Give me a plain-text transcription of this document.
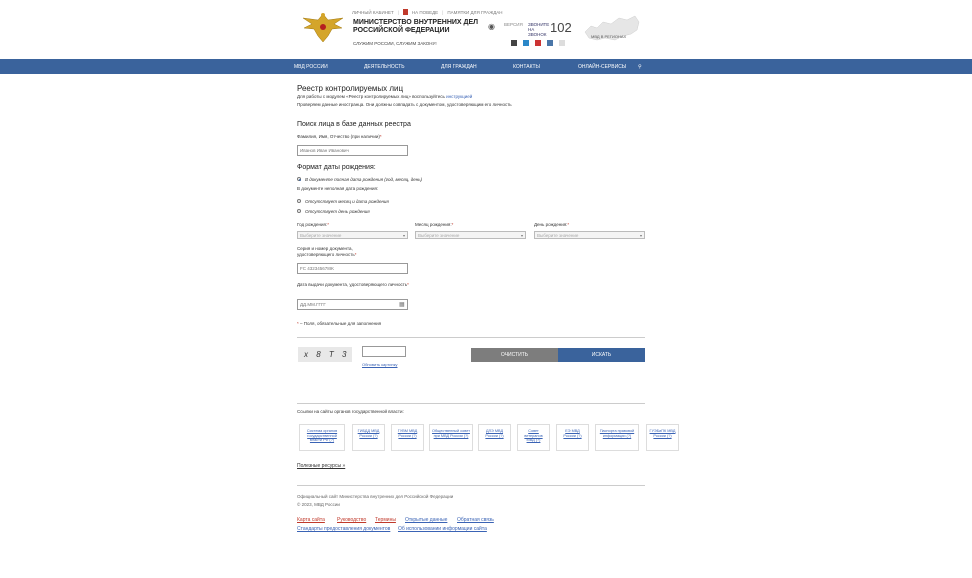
ЛИЧНЫЙ КАБИНЕТ |	НА ПОВЕДЕ | ПАМЯТКИ ДЛЯ ГРАЖДАН
МИНИСТЕРСТВО ВНУТРЕННИХ ДЕЛ РОССИЙСКОЙ ФЕДЕРАЦИИ
СЛУЖИМ РОССИИ, СЛУЖИМ ЗАКОНУ!
◉ ВЕРСИЯ ЗВОНИТЕ НА ЗВОНОК 102
МВД В РЕГИОНАХ
МВД РОССИИ	ДЕЯТЕЛЬНОСТЬ	ДЛЯ ГРАЖДАН	КОНТАКТЫ	ОНЛАЙН-СЕРВИСЫ ⚲
Реестр контролируемых лиц
Для работы с модулем «Реестр контролируемых лиц» воспользуйтесь инструкцией
Проверяем данные иностранца. Они должны совпадать с документом, удостоверяющим его личность
Поиск лица в базе данных реестра
Фамилия, Имя, Отчество (при наличии)*
Иванов Иван Иванович
Формат даты рождения:
В документе полная дата рождения (год, месяц, день)
В документе неполная дата рождения:
Отсутствует месяц и дата рождения
Отсутствует день рождения
Год рождения:*
Выберите значение	▾
Месяц рождения:*
Выберите значение	▾
День рождения:*
Выберите значение	▾
Серия и номер документа, удостоверяющего личность*
FC 432345678IK
Дата выдачи документа, удостоверяющего личность*
ДД.ММ.ГГГГ
▦
* – Поля, обязательные для заполнения
x 8 T 3
Обновить картинку
ОЧИСТИТЬ	ИСКАТЬ
Ссылки на сайты органов государственной власти:
Система органов государственной власти РФ (?)
ГИБДД МВД России (?)
ГУВМ МВД России (?)
Общественный совет при МВД России (?)
ДЛЭ МВД России (?)
Совет ветеранов МВД (?)
ЕЭ МВД России (?)
Паспорта правовой информации (?)
ГУЭБиПК МВД России (?)
Полезные ресурсы »
Официальный сайт Министерства внутренних дел Российской Федерации
© 2023, МВД России
Карта сайта Руководство Термины Открытые данные Обратная связь
Стандарты предоставления документов Об использовании информации сайта
